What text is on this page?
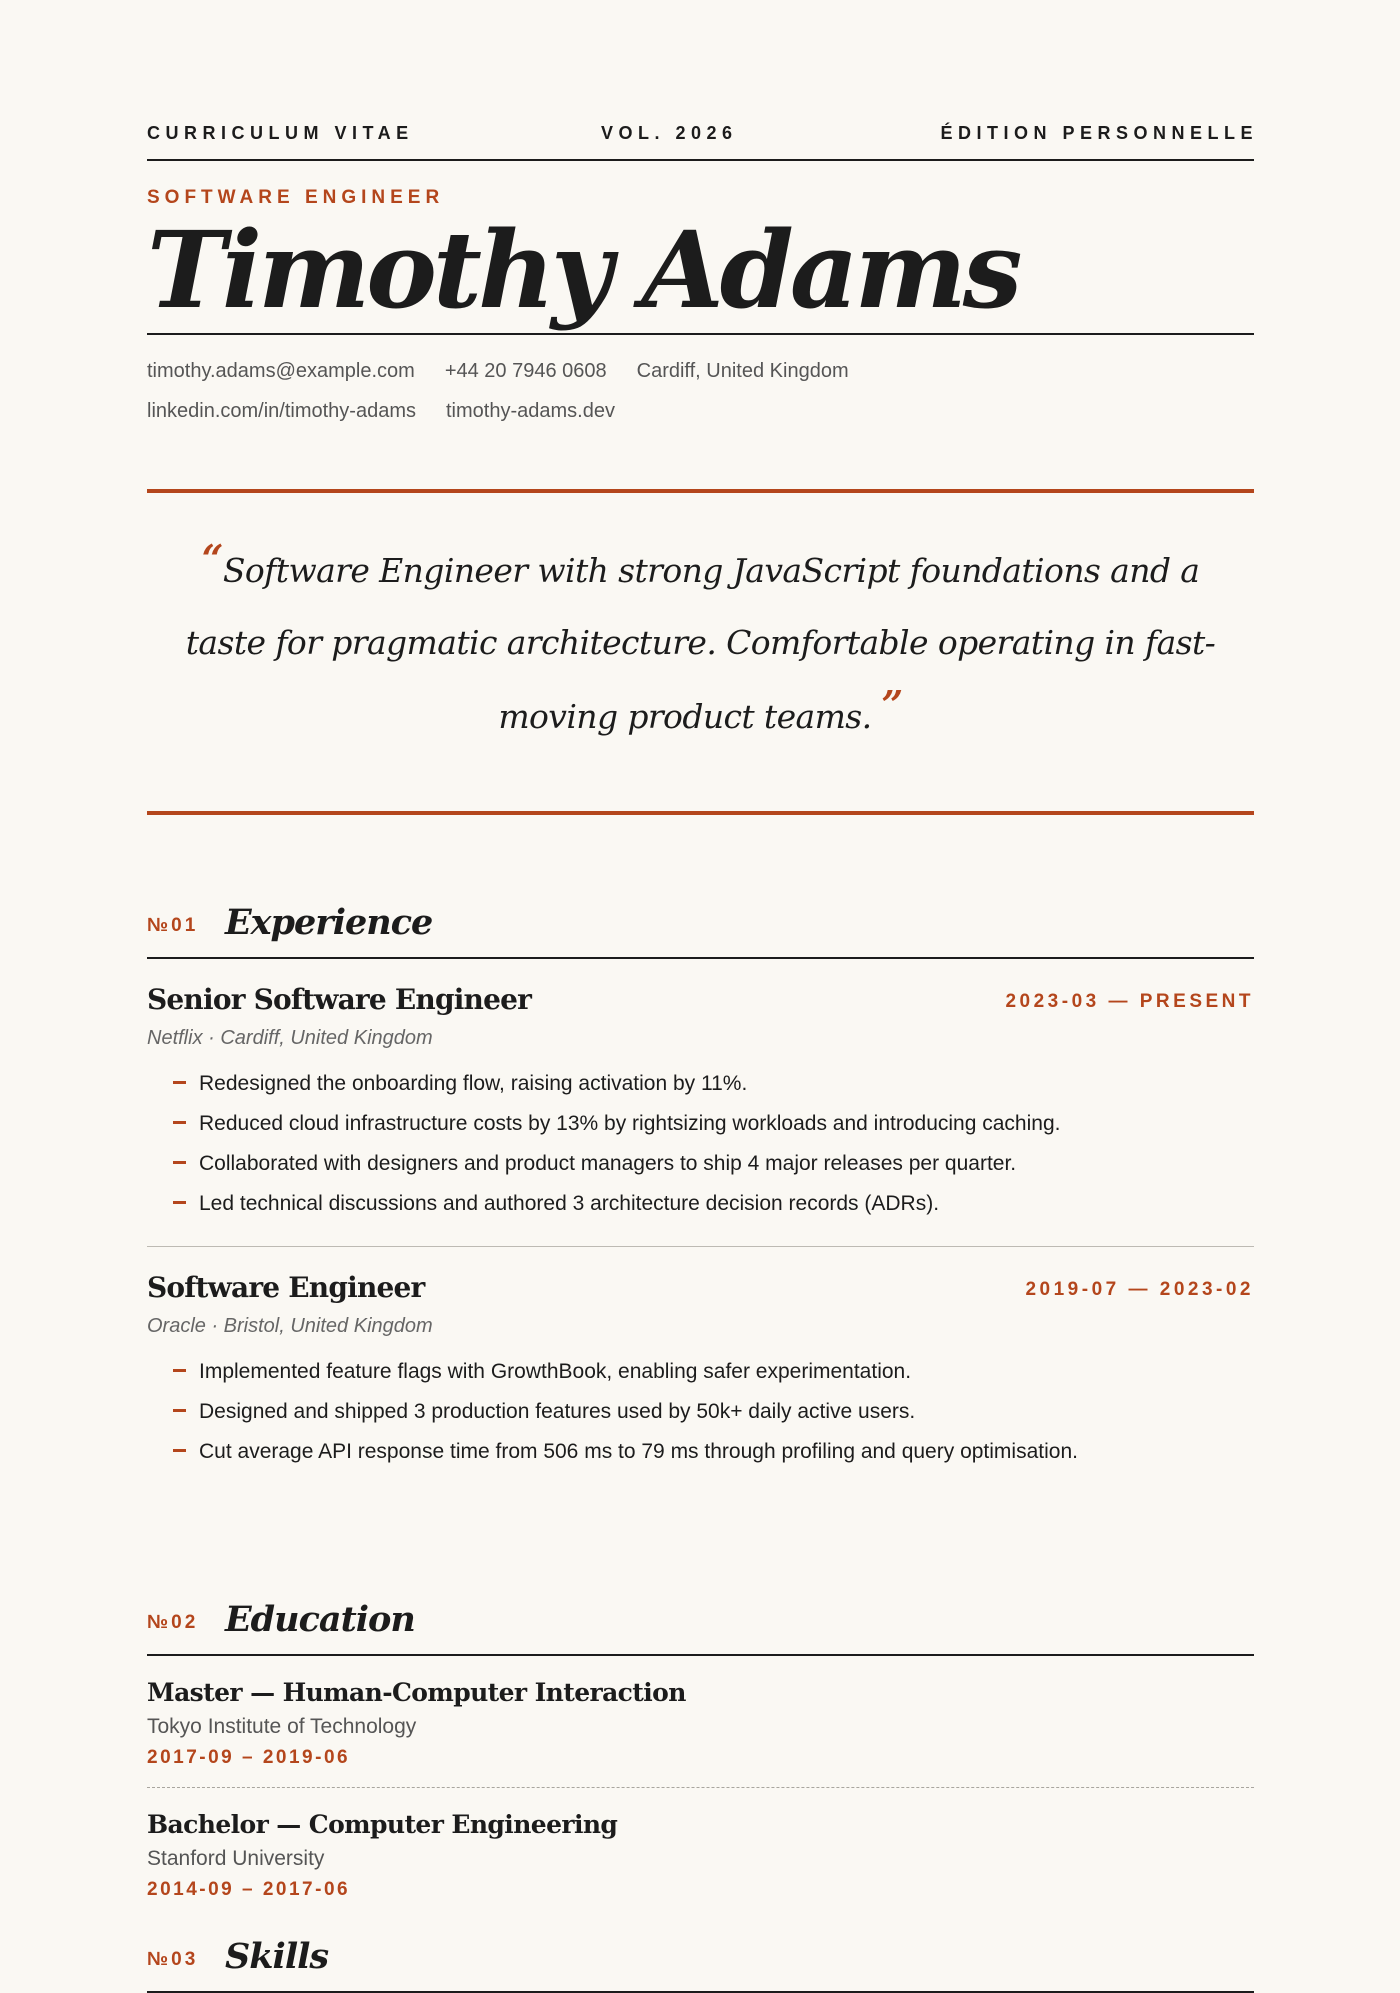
CURRICULUM VITAE	VOL. 2026	ÉDITION PERSONNELLE
SOFTWARE ENGINEER
Timothy Adams
timothy.adams@example.com +44 20 7946 0608 Cardiff, United Kingdom
linkedin.com/in/timothy-adams timothy-adams.dev
“Software Engineer with strong JavaScript foundations and a taste for pragmatic architecture. Comfortable operating in fast-moving product teams. ”
№01 Experience
Senior Software Engineer	2023-03 — PRESENT
Netflix · Cardiff, United Kingdom
Redesigned the onboarding flow, raising activation by 11%.
Reduced cloud infrastructure costs by 13% by rightsizing workloads and introducing caching.
Collaborated with designers and product managers to ship 4 major releases per quarter.
Led technical discussions and authored 3 architecture decision records (ADRs).
Software Engineer	2019-07 — 2023-02
Oracle · Bristol, United Kingdom
Implemented feature flags with GrowthBook, enabling safer experimentation.
Designed and shipped 3 production features used by 50k+ daily active users.
Cut average API response time from 506 ms to 79 ms through profiling and query optimisation.
№02 Education
Master — Human-Computer Interaction
Tokyo Institute of Technology
2017-09 – 2019-06
Bachelor — Computer Engineering
Stanford University
2014-09 – 2017-06
№03 Skills
